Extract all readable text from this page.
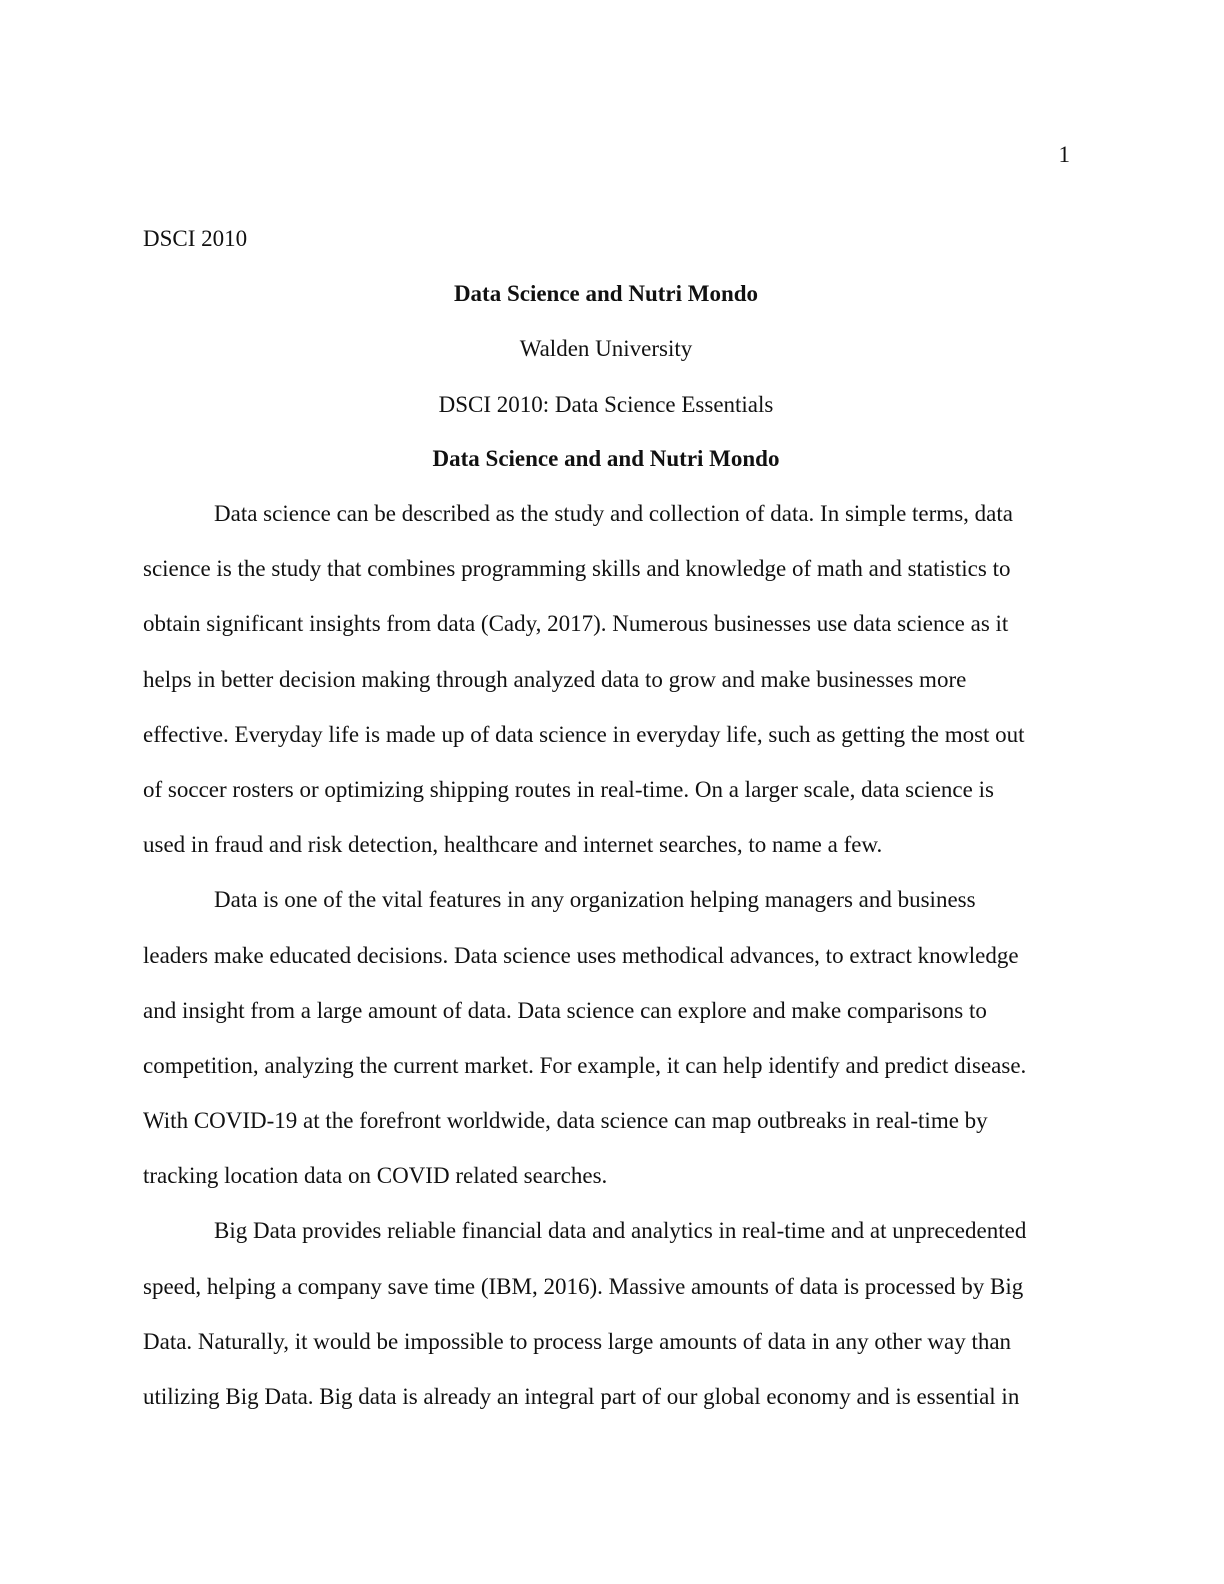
1
DSCI 2010
Data Science and Nutri Mondo
Walden University
DSCI 2010: Data Science Essentials
Data Science and and Nutri Mondo
Data science can be described as the study and collection of data. In simple terms, data
science is the study that combines programming skills and knowledge of math and statistics to
obtain significant insights from data (Cady, 2017). Numerous businesses use data science as it
helps in better decision making through analyzed data to grow and make businesses more
effective. Everyday life is made up of data science in everyday life, such as getting the most out
of soccer rosters or optimizing shipping routes in real-time. On a larger scale, data science is
used in fraud and risk detection, healthcare and internet searches, to name a few.
Data is one of the vital features in any organization helping managers and business
leaders make educated decisions. Data science uses methodical advances, to extract knowledge
and insight from a large amount of data. Data science can explore and make comparisons to
competition, analyzing the current market. For example, it can help identify and predict disease.
With COVID-19 at the forefront worldwide, data science can map outbreaks in real-time by
tracking location data on COVID related searches.
Big Data provides reliable financial data and analytics in real-time and at unprecedented
speed, helping a company save time (IBM, 2016). Massive amounts of data is processed by Big
Data. Naturally, it would be impossible to process large amounts of data in any other way than
utilizing Big Data. Big data is already an integral part of our global economy and is essential in
